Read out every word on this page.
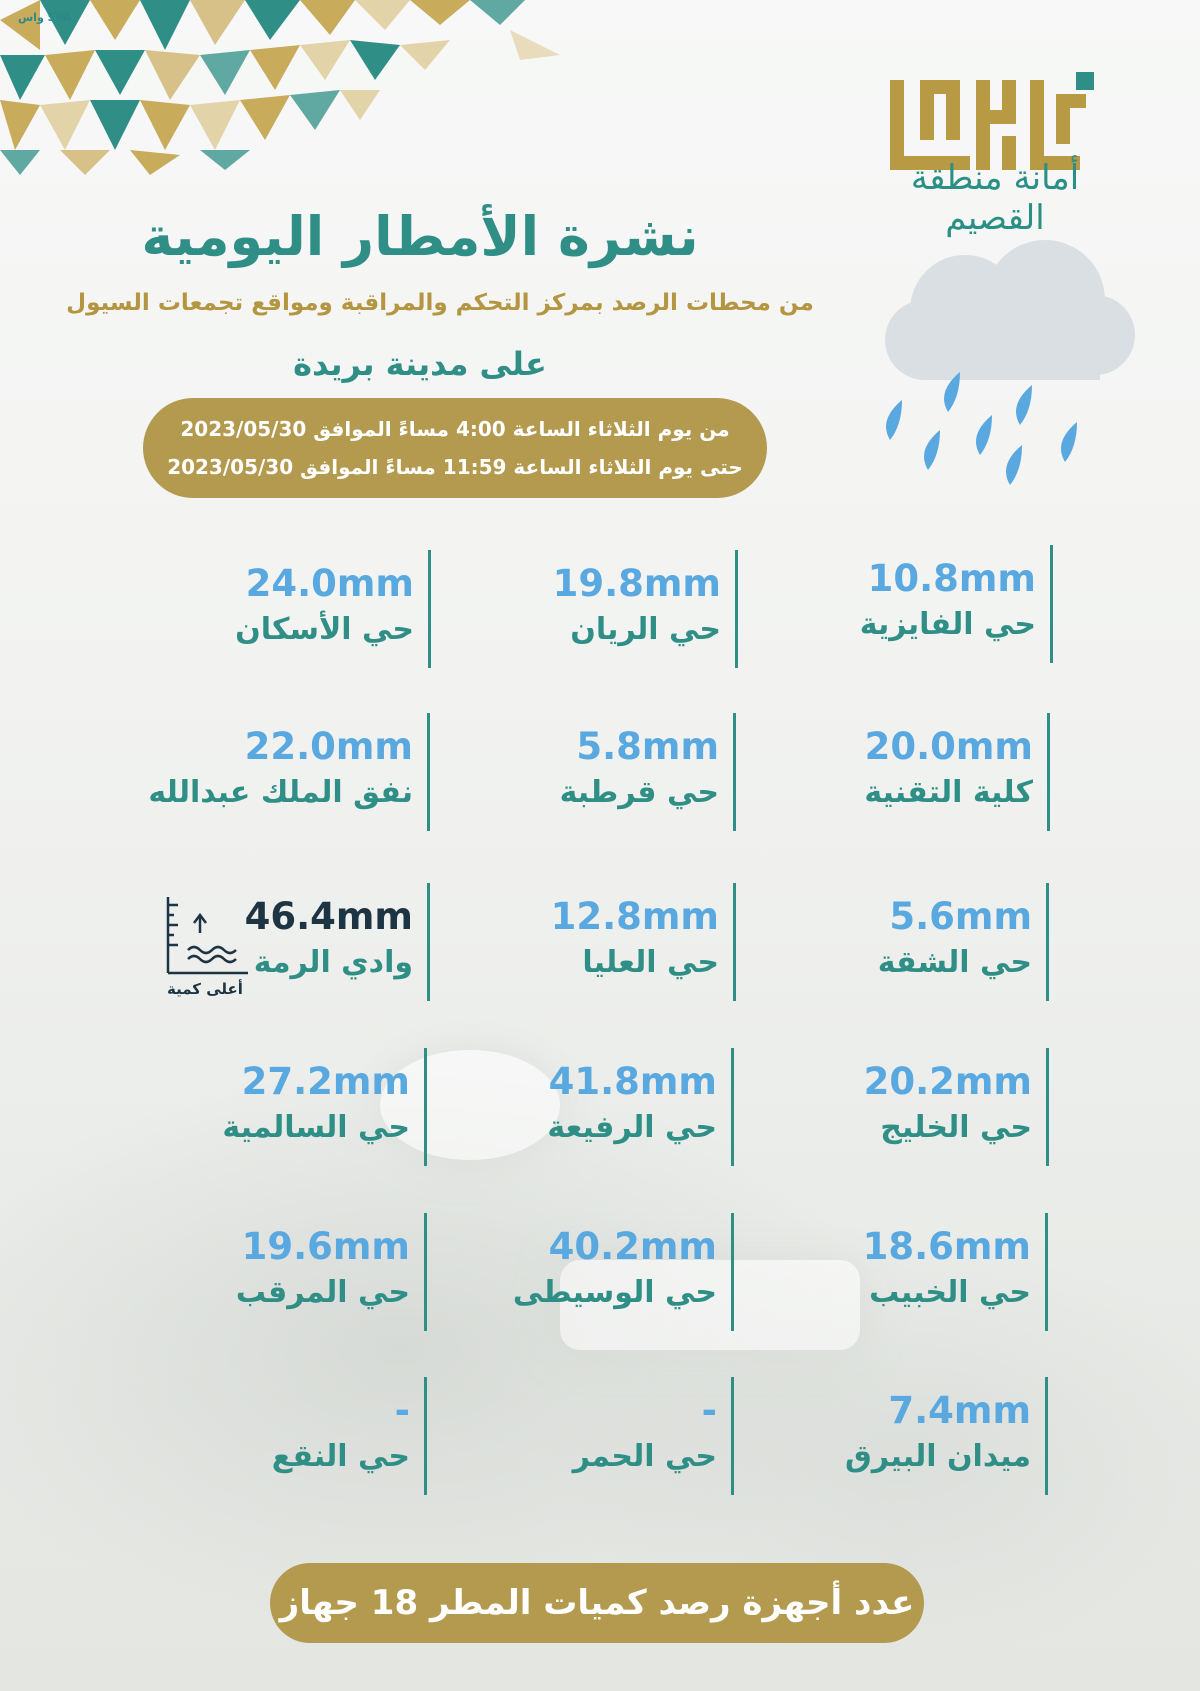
واس SPA
أمانة منطقة القصيم
نشرة الأمطار اليومية
من محطات الرصد بمركز التحكم والمراقبة ومواقع تجمعات السيول
على مدينة بريدة
من يوم الثلاثاء الساعة 4:00 مساءً الموافق 2023/05/30
حتى يوم الثلاثاء الساعة 11:59 مساءً الموافق 2023/05/30
10.8mm
حي الفايزية
19.8mm
حي الريان
24.0mm
حي الأسكان
20.0mm
كلية التقنية
5.8mm
حي قرطبة
22.0mm
نفق الملك عبدالله
5.6mm
حي الشقة
12.8mm
حي العليا
46.4mm
وادي الرمة
20.2mm
حي الخليج
41.8mm
حي الرفيعة
27.2mm
حي السالمية
18.6mm
حي الخبيب
40.2mm
حي الوسيطى
19.6mm
حي المرقب
7.4mm
ميدان البيرق
-
حي الحمر
-
حي النقع
أعلى كمية
عدد أجهزة رصد كميات المطر 18 جهاز
